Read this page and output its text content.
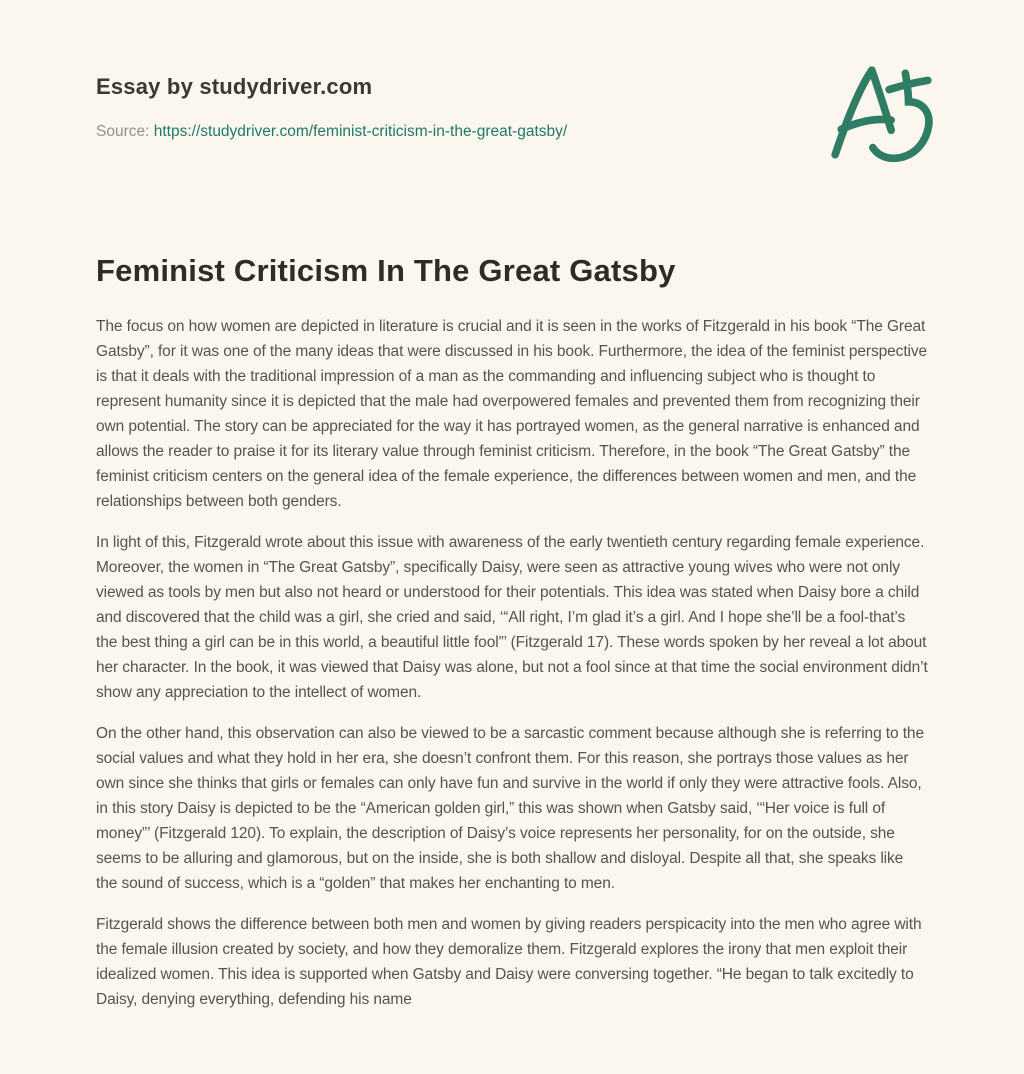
Essay by studydriver.com

Source: https://studydriver.com/feminist-criticism-in-the-great-gatsby/

Feminist Criticism In The Great Gatsby

The focus on how women are depicted in literature is crucial and it is seen in the works of Fitzgerald in his book “The Great Gatsby”, for it was one of the many ideas that were discussed in his book. Furthermore, the idea of the feminist perspective is that it deals with the traditional impression of a man as the commanding and influencing subject who is thought to represent humanity since it is depicted that the male had overpowered females and prevented them from recognizing their own potential. The story can be appreciated for the way it has portrayed women, as the general narrative is enhanced and allows the reader to praise it for its literary value through feminist criticism. Therefore, in the book “The Great Gatsby” the feminist criticism centers on the general idea of the female experience, the differences between women and men, and the relationships between both genders.

In light of this, Fitzgerald wrote about this issue with awareness of the early twentieth century regarding female experience. Moreover, the women in “The Great Gatsby”, specifically Daisy, were seen as attractive young wives who were not only viewed as tools by men but also not heard or understood for their potentials. This idea was stated when Daisy bore a child and discovered that the child was a girl, she cried and said, ‘“All right, I’m glad it’s a girl. And I hope she’ll be a fool-that’s the best thing a girl can be in this world, a beautiful little fool”’ (Fitzgerald 17). These words spoken by her reveal a lot about her character. In the book, it was viewed that Daisy was alone, but not a fool since at that time the social environment didn’t show any appreciation to the intellect of women.

On the other hand, this observation can also be viewed to be a sarcastic comment because although she is referring to the social values and what they hold in her era, she doesn’t confront them. For this reason, she portrays those values as her own since she thinks that girls or females can only have fun and survive in the world if only they were attractive fools. Also, in this story Daisy is depicted to be the “American golden girl,” this was shown when Gatsby said, ‘“Her voice is full of money”’ (Fitzgerald 120). To explain, the description of Daisy’s voice represents her personality, for on the outside, she seems to be alluring and glamorous, but on the inside, she is both shallow and disloyal. Despite all that, she speaks like the sound of success, which is a “golden” that makes her enchanting to men.

Fitzgerald shows the difference between both men and women by giving readers perspicacity into the men who agree with the female illusion created by society, and how they demoralize them. Fitzgerald explores the irony that men exploit their idealized women. This idea is supported when Gatsby and Daisy were conversing together. “He began to talk excitedly to Daisy, denying everything, defending his name
